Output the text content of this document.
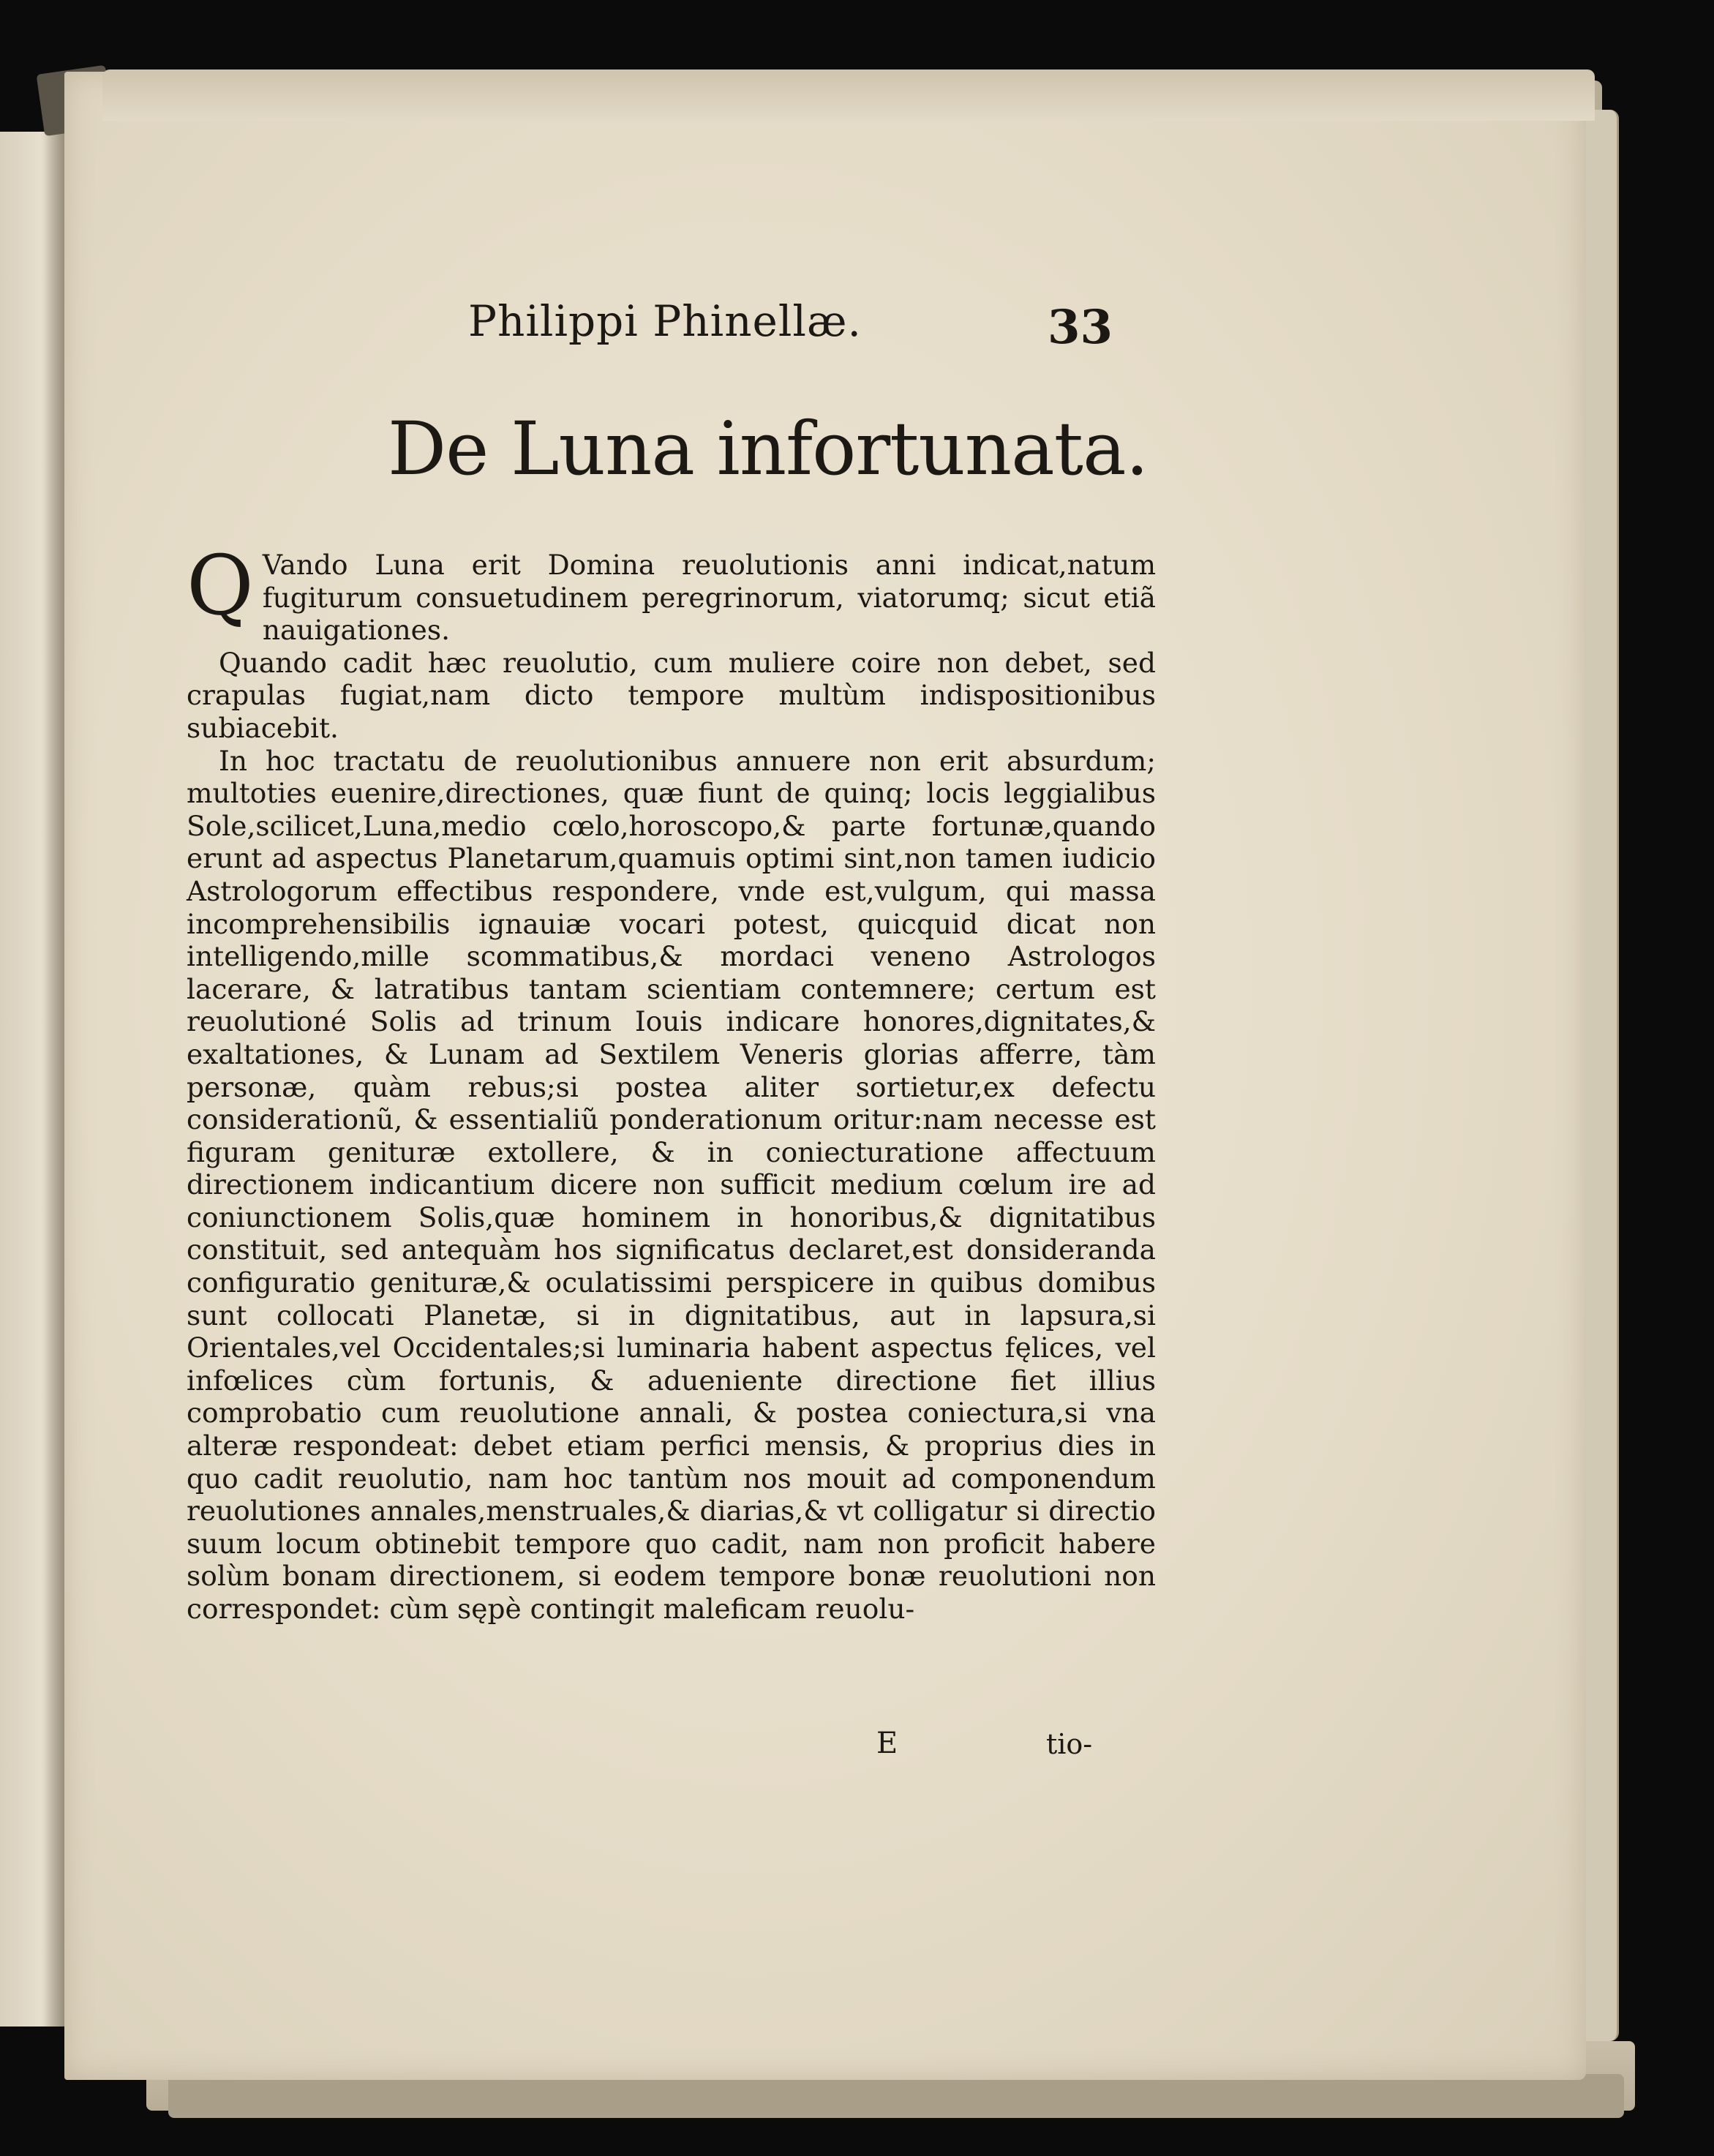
Philippi Phinellæ.	33
De Luna infortunata.

Q Vando Luna erit Domina reuolutionis anni indicat,natum fugiturum consuetudinem peregrinorum, viatorumq; sicut etiã nauigationes.

Quando cadit hæc reuolutio, cum muliere coire non debet, sed crapulas fugiat,nam dicto tempore multùm indispositionibus subiacebit.

In hoc tractatu de reuolutionibus annuere non erit absurdum; multoties euenire,directiones, quæ fiunt de quinq; locis leggialibus Sole,scilicet,Luna,medio cœlo,horoscopo,& parte fortunæ,quando erunt ad aspectus Planetarum,quamuis optimi sint,non tamen iudicio Astrologorum effectibus respondere, vnde est,vulgum, qui massa incomprehensibilis ignauiæ vocari potest, quicquid dicat non intelligendo,mille scommatibus,& mordaci veneno Astrologos lacerare, & latratibus tantam scientiam contemnere; certum est reuolutioné Solis ad trinum Iouis indicare honores,dignitates,& exaltationes, & Lunam ad Sextilem Veneris glorias afferre, tàm personæ, quàm rebus;si postea aliter sortietur,ex defectu considerationũ, & essentialiũ ponderationum oritur:nam necesse est figuram genituræ extollere, & in coniecturatione affectuum directionem indicantium dicere non sufficit medium cœlum ire ad coniunctionem Solis,quæ hominem in honoribus,& dignitatibus constituit, sed antequàm hos significatus declaret,est donsideranda configuratio genituræ,& oculatissimi perspicere in quibus domibus sunt collocati Planetæ, si in dignitatibus, aut in lapsura,si Orientales,vel Occidentales;si luminaria habent aspectus fęlices, vel infœlices cùm fortunis, & adueniente directione fiet illius comprobatio cum reuolutione annali, & postea coniectura,si vna alteræ respondeat: debet etiam perfici mensis, & proprius dies in quo cadit reuolutio, nam hoc tantùm nos mouit ad componendum reuolutiones annales,menstruales,& diarias,& vt colligatur si directio suum locum obtinebit tempore quo cadit, nam non proficit habere solùm bonam directionem, si eodem tempore bonæ reuolutioni non correspondet: cùm sępè contingit maleficam reuolu-

E	tio-
